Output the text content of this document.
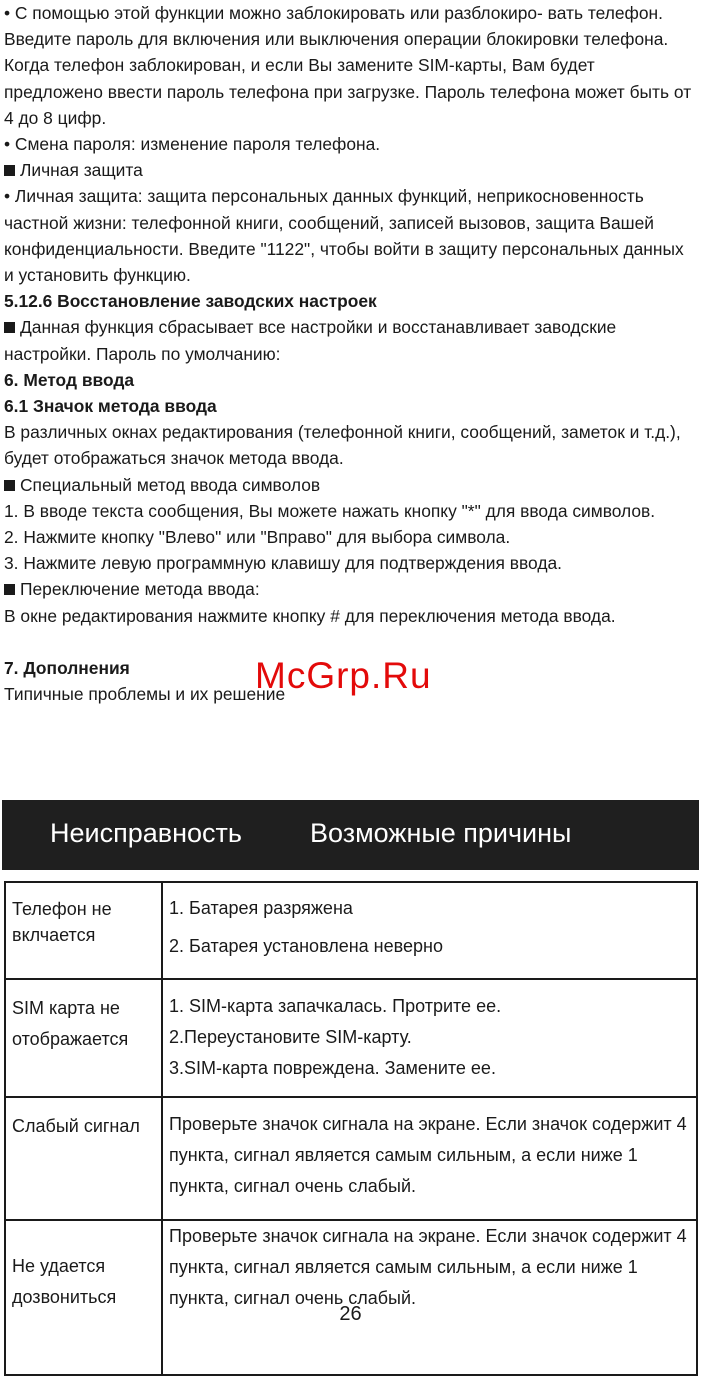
• С помощью этой функции можно заблокировать или разблокиро- вать телефон. Введите пароль для включения или выключения операции блокировки телефона. Когда телефон заблокирован, и если Вы замените SIM-карты, Вам будет предложено ввести пароль телефона при загрузке. Пароль телефона может быть от 4 до 8 цифр.

• Смена пароля: изменение пароля телефона.

Личная защита

• Личная защита: защита персональных данных функций, неприкосновенность частной жизни: телефонной книги, сообщений, записей вызовов, защита Вашей конфиденциальности. Введите "1122", чтобы войти в защиту персональных данных и установить функцию.

5.12.6 Восстановление заводских настроек

Данная функция сбрасывает все настройки и восстанавливает заводские настройки. Пароль по умолчанию:

6. Метод ввода

6.1 Значок метода ввода

В различных окнах редактирования (телефонной книги, сообщений, заметок и т.д.), будет отображаться значок метода ввода.

Специальный метод ввода символов

1. В вводе текста сообщения, Вы можете нажать кнопку "*" для ввода символов.

2. Нажмите кнопку "Влево" или "Вправо" для выбора символа.

3. Нажмите левую программную клавишу для подтверждения ввода.

Переключение метода ввода:

В окне редактирования нажмите кнопку # для переключения метода ввода.

7. Дополнения

Типичные проблемы и их решение

McGrp.Ru
Неисправность	Возможные причины
Телефон не вклчается	1. Батарея разряжена
2. Батарея установлена неверно

SIM карта не отображается	1. SIM-карта запачкалась. Протрите ее.
2.Переустановите SIM-карту.
3.SIM-карта повреждена. Замените ее.

Слабый сигнал	Проверьте значок сигнала на экране. Если значок содержит 4 пункта, сигнал является самым сильным, а если ниже 1 пункта, сигнал очень слабый.

Не удается дозвониться	Проверьте значок сигнала на экране. Если значок содержит 4 пункта, сигнал является самым сильным, а если ниже 1 пункта, сигнал очень слабый.
26
